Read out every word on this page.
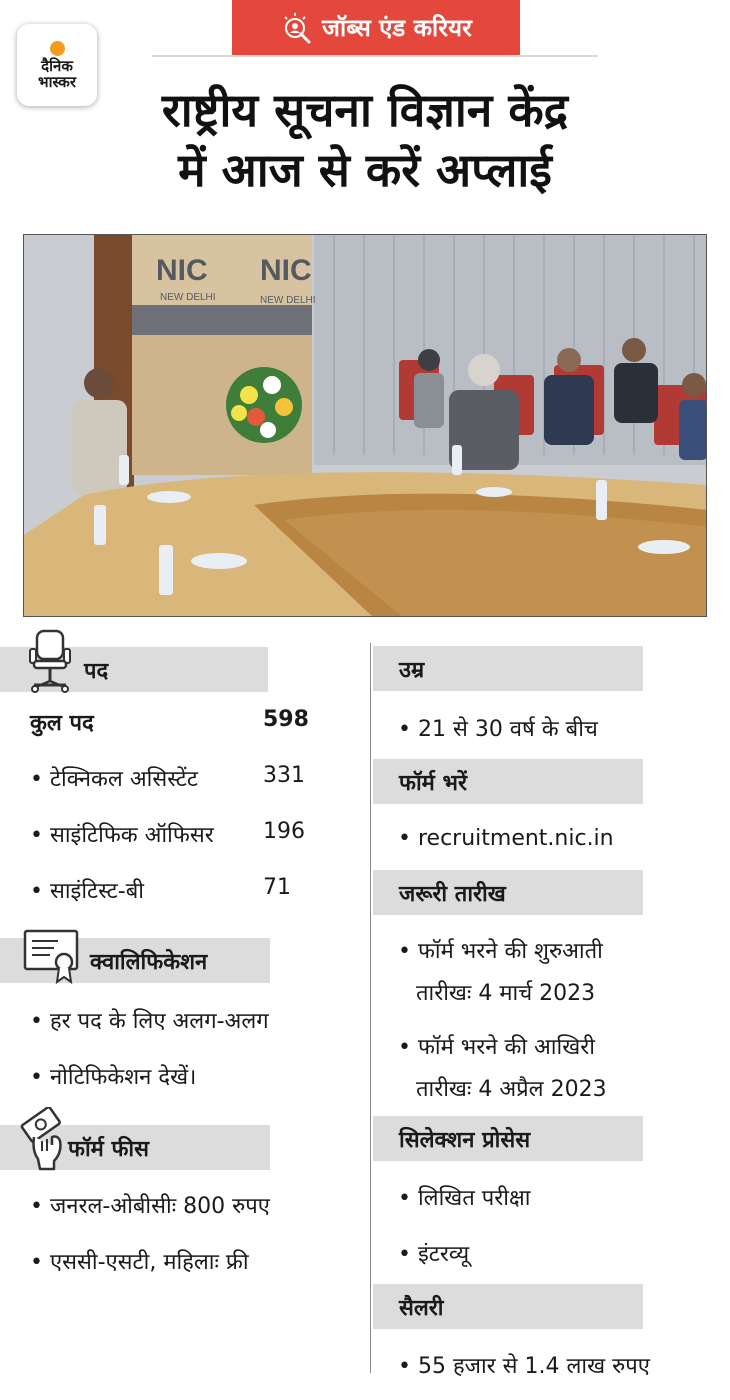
जॉब्स एंड करियर
दैनिक
भास्कर
राष्ट्रीय सूचना विज्ञान केंद्र
में आज से करें अप्लाई
NIC
NEW DELHI
NIC
NEW DELHI
पद
कुल पद	598
• टेक्निकल असिस्टेंट	331
• साइंटिफिक ऑफिसर 196
• साइंटिस्ट-बी	71
क्वालिफिकेशन
• हर पद के लिए अलग-अलग
• नोटिफिकेशन देखें।
फॉर्म फीस
• जनरल-ओबीसीः 800 रुपए
• एससी-एसटी, महिलाः फ्री
उम्र
• 21 से 30 वर्ष के बीच
फॉर्म भरें
• recruitment.nic.in
जरूरी तारीख
• फॉर्म भरने की शुरुआती
तारीखः 4 मार्च 2023
• फॉर्म भरने की आखिरी
तारीखः 4 अप्रैल 2023
सिलेक्शन प्रोसेस
• लिखित परीक्षा
• इंटरव्यू
सैलरी
• 55 हजार से 1.4 लाख रुपए
